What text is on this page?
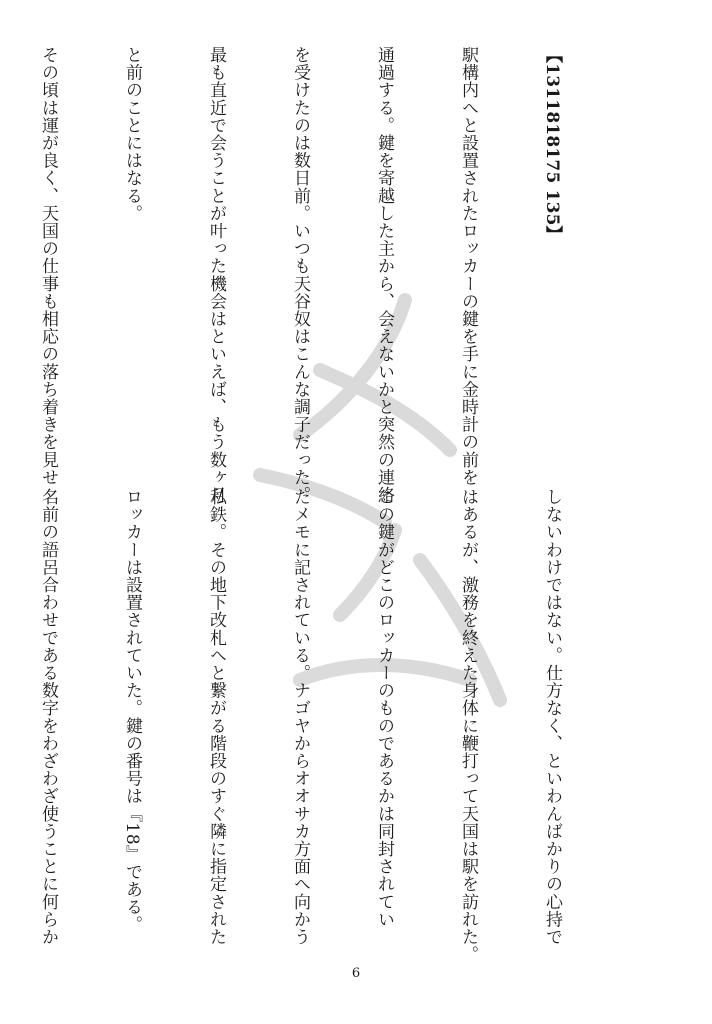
【1311818175 135】

駅構内へと設置されたロッカーの鍵を手に金時計の前を

通過する。鍵を寄越した主から、会えないかと突然の連絡

を受けたのは数日前。いつも天谷奴はこんな調子だった。

最も直近で会うことが叶った機会はといえば、もう数ヶ月

と前のことにはなる。

その頃は運が良く、天国の仕事も相応の落ち着きを見せ

しないわけではない。仕方なく、といわんばかりの心持で

はあるが、激務を終えた身体に鞭打って天国は駅を訪れた。

この鍵がどこのロッカーのものであるかは同封されてい

たメモに記されている。ナゴヤからオオサカ方面へ向かう

私鉄。その地下改札へと繋がる階段のすぐ隣に指定された

ロッカーは設置されていた。鍵の番号は『18』である。

名前の語呂合わせである数字をわざわざ使うことに何らか

6
